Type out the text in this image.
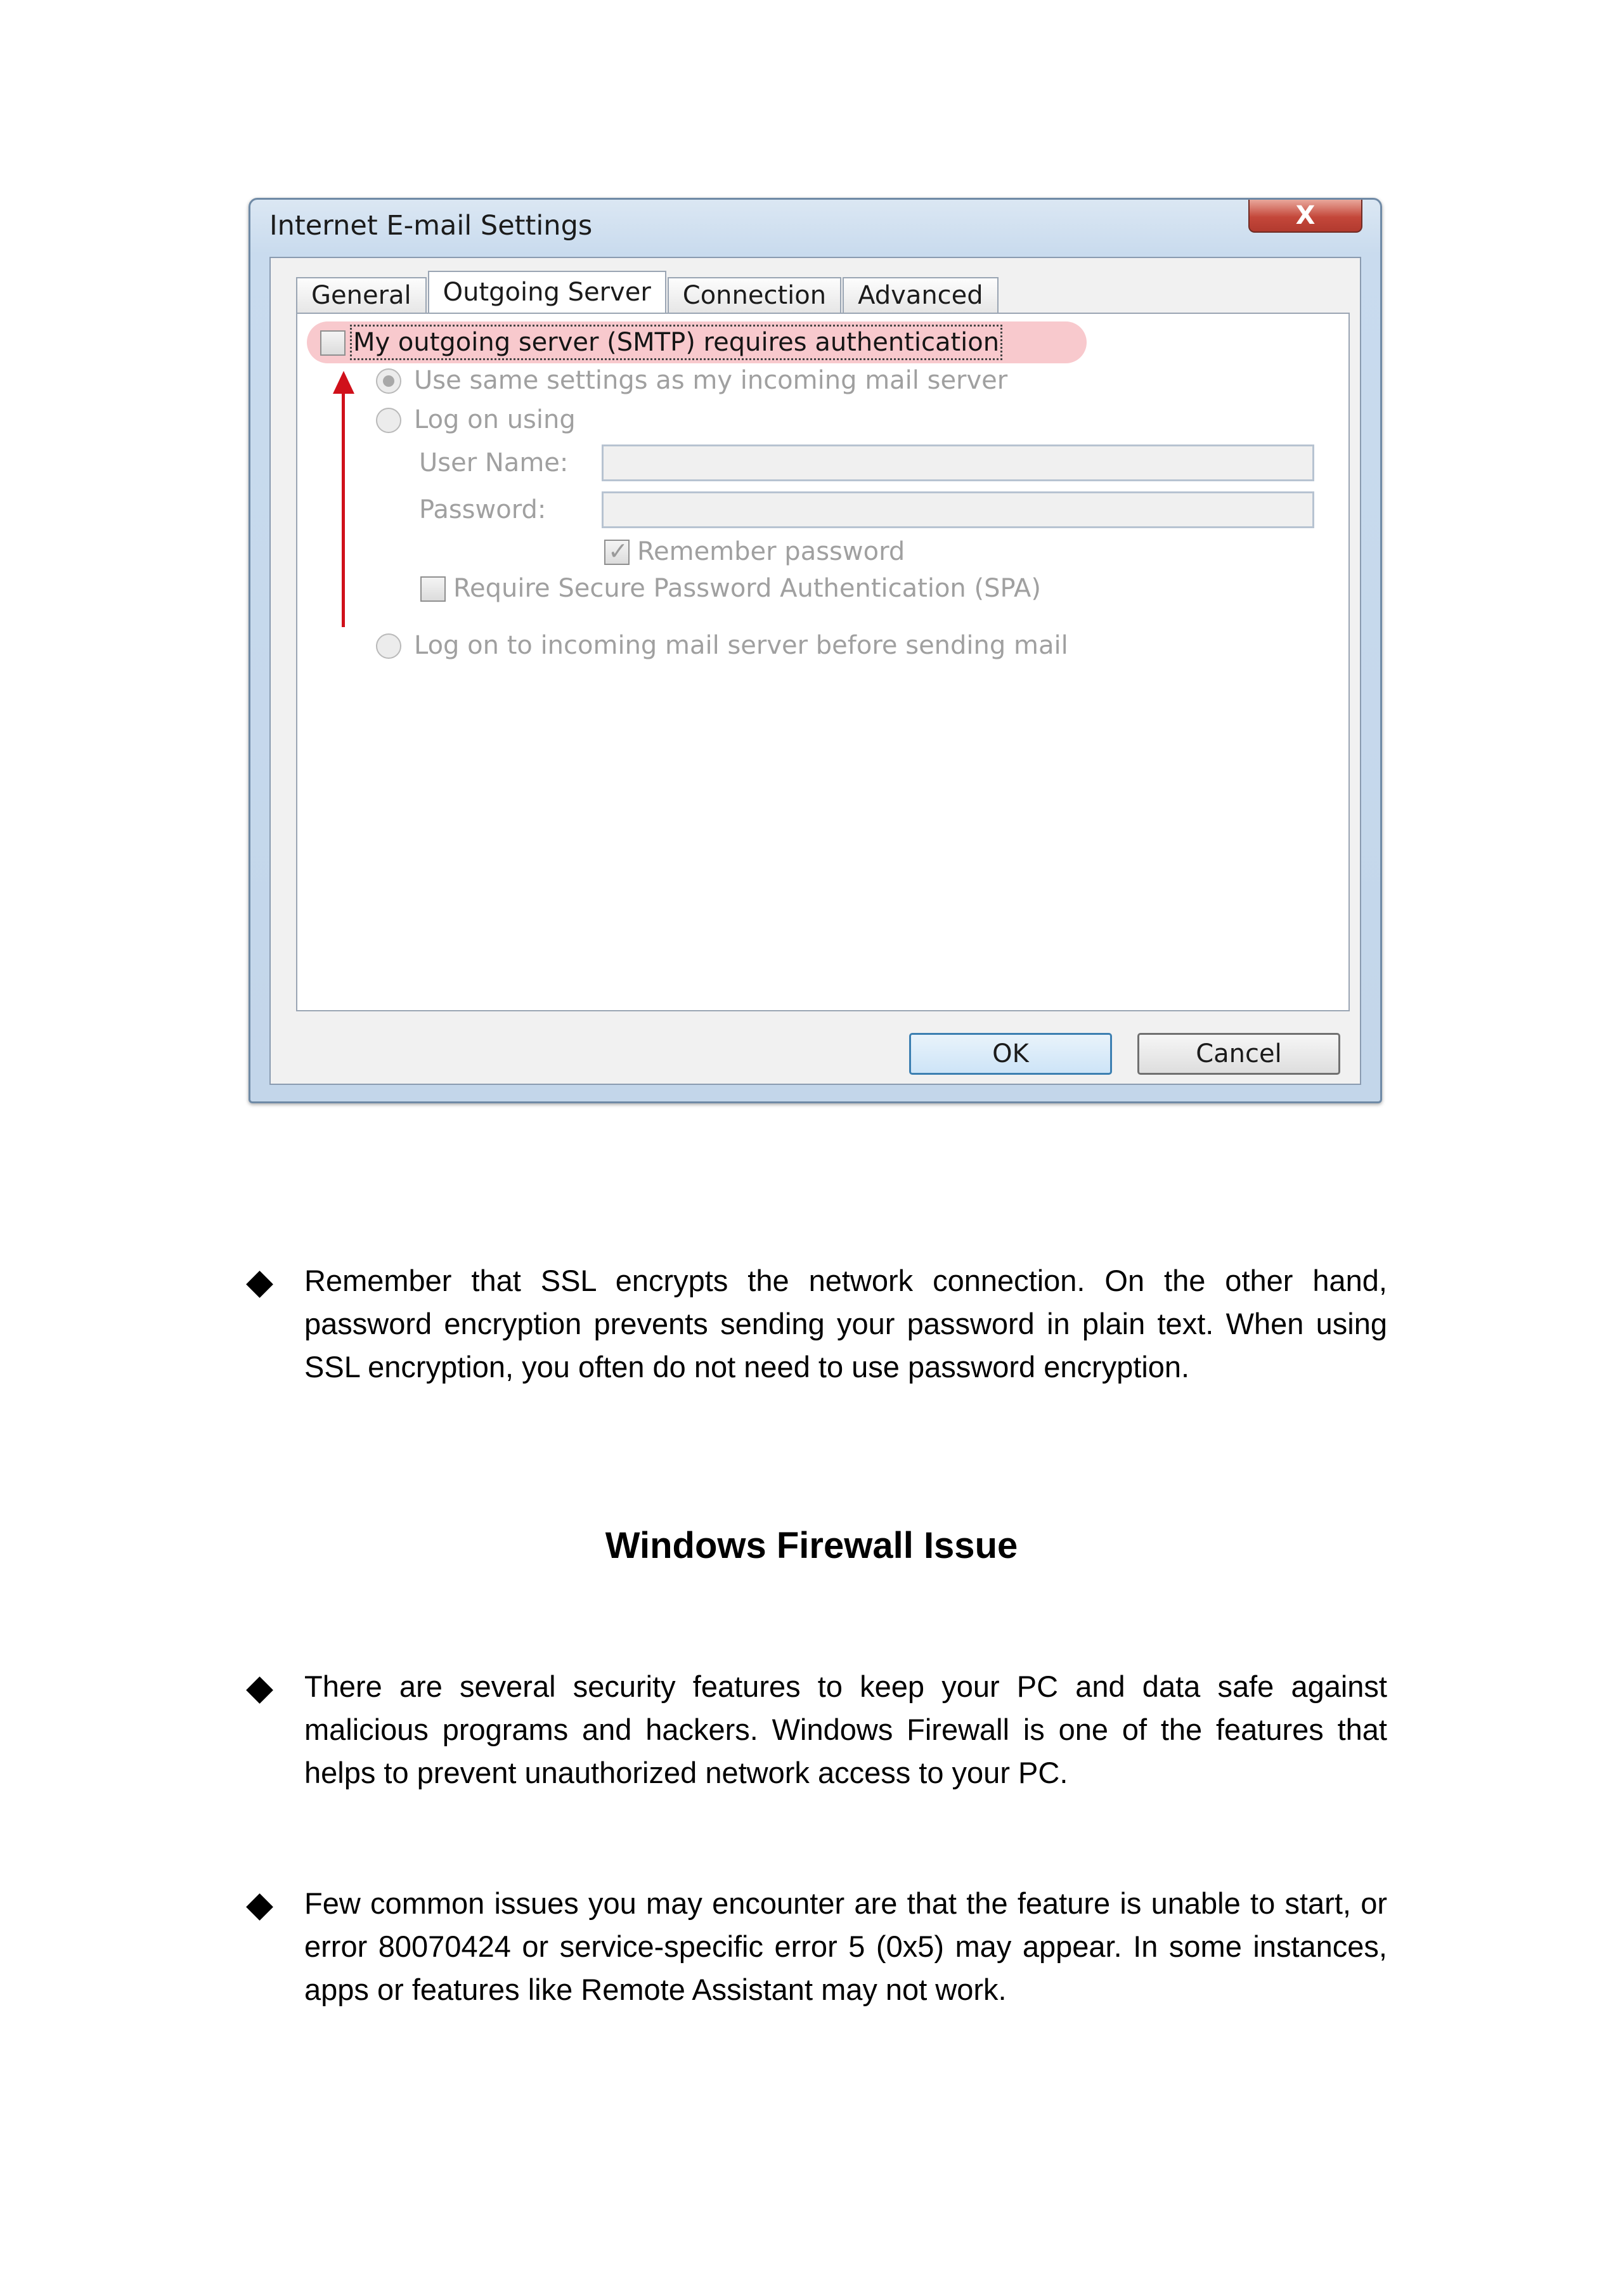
Internet E-mail Settings	X
General	Outgoing Server	Connection	Advanced
My outgoing server (SMTP) requires authentication
Use same settings as my incoming mail server
Log on using
User Name:
Password:
✓
Remember password
Require Secure Password Authentication (SPA)
Log on to incoming mail server before sending mail
OK	Cancel
◆ Remember that SSL encrypts the network connection. On the other hand, password encryption prevents sending your password in plain text. When using SSL encryption, you often do not need to use password encryption.
Windows Firewall Issue
◆ There are several security features to keep your PC and data safe against malicious programs and hackers. Windows Firewall is one of the features that helps to prevent unauthorized network access to your PC.
◆ Few common issues you may encounter are that the feature is unable to start, or error 80070424 or service-specific error 5 (0x5) may appear. In some instances, apps or features like Remote Assistant may not work.
